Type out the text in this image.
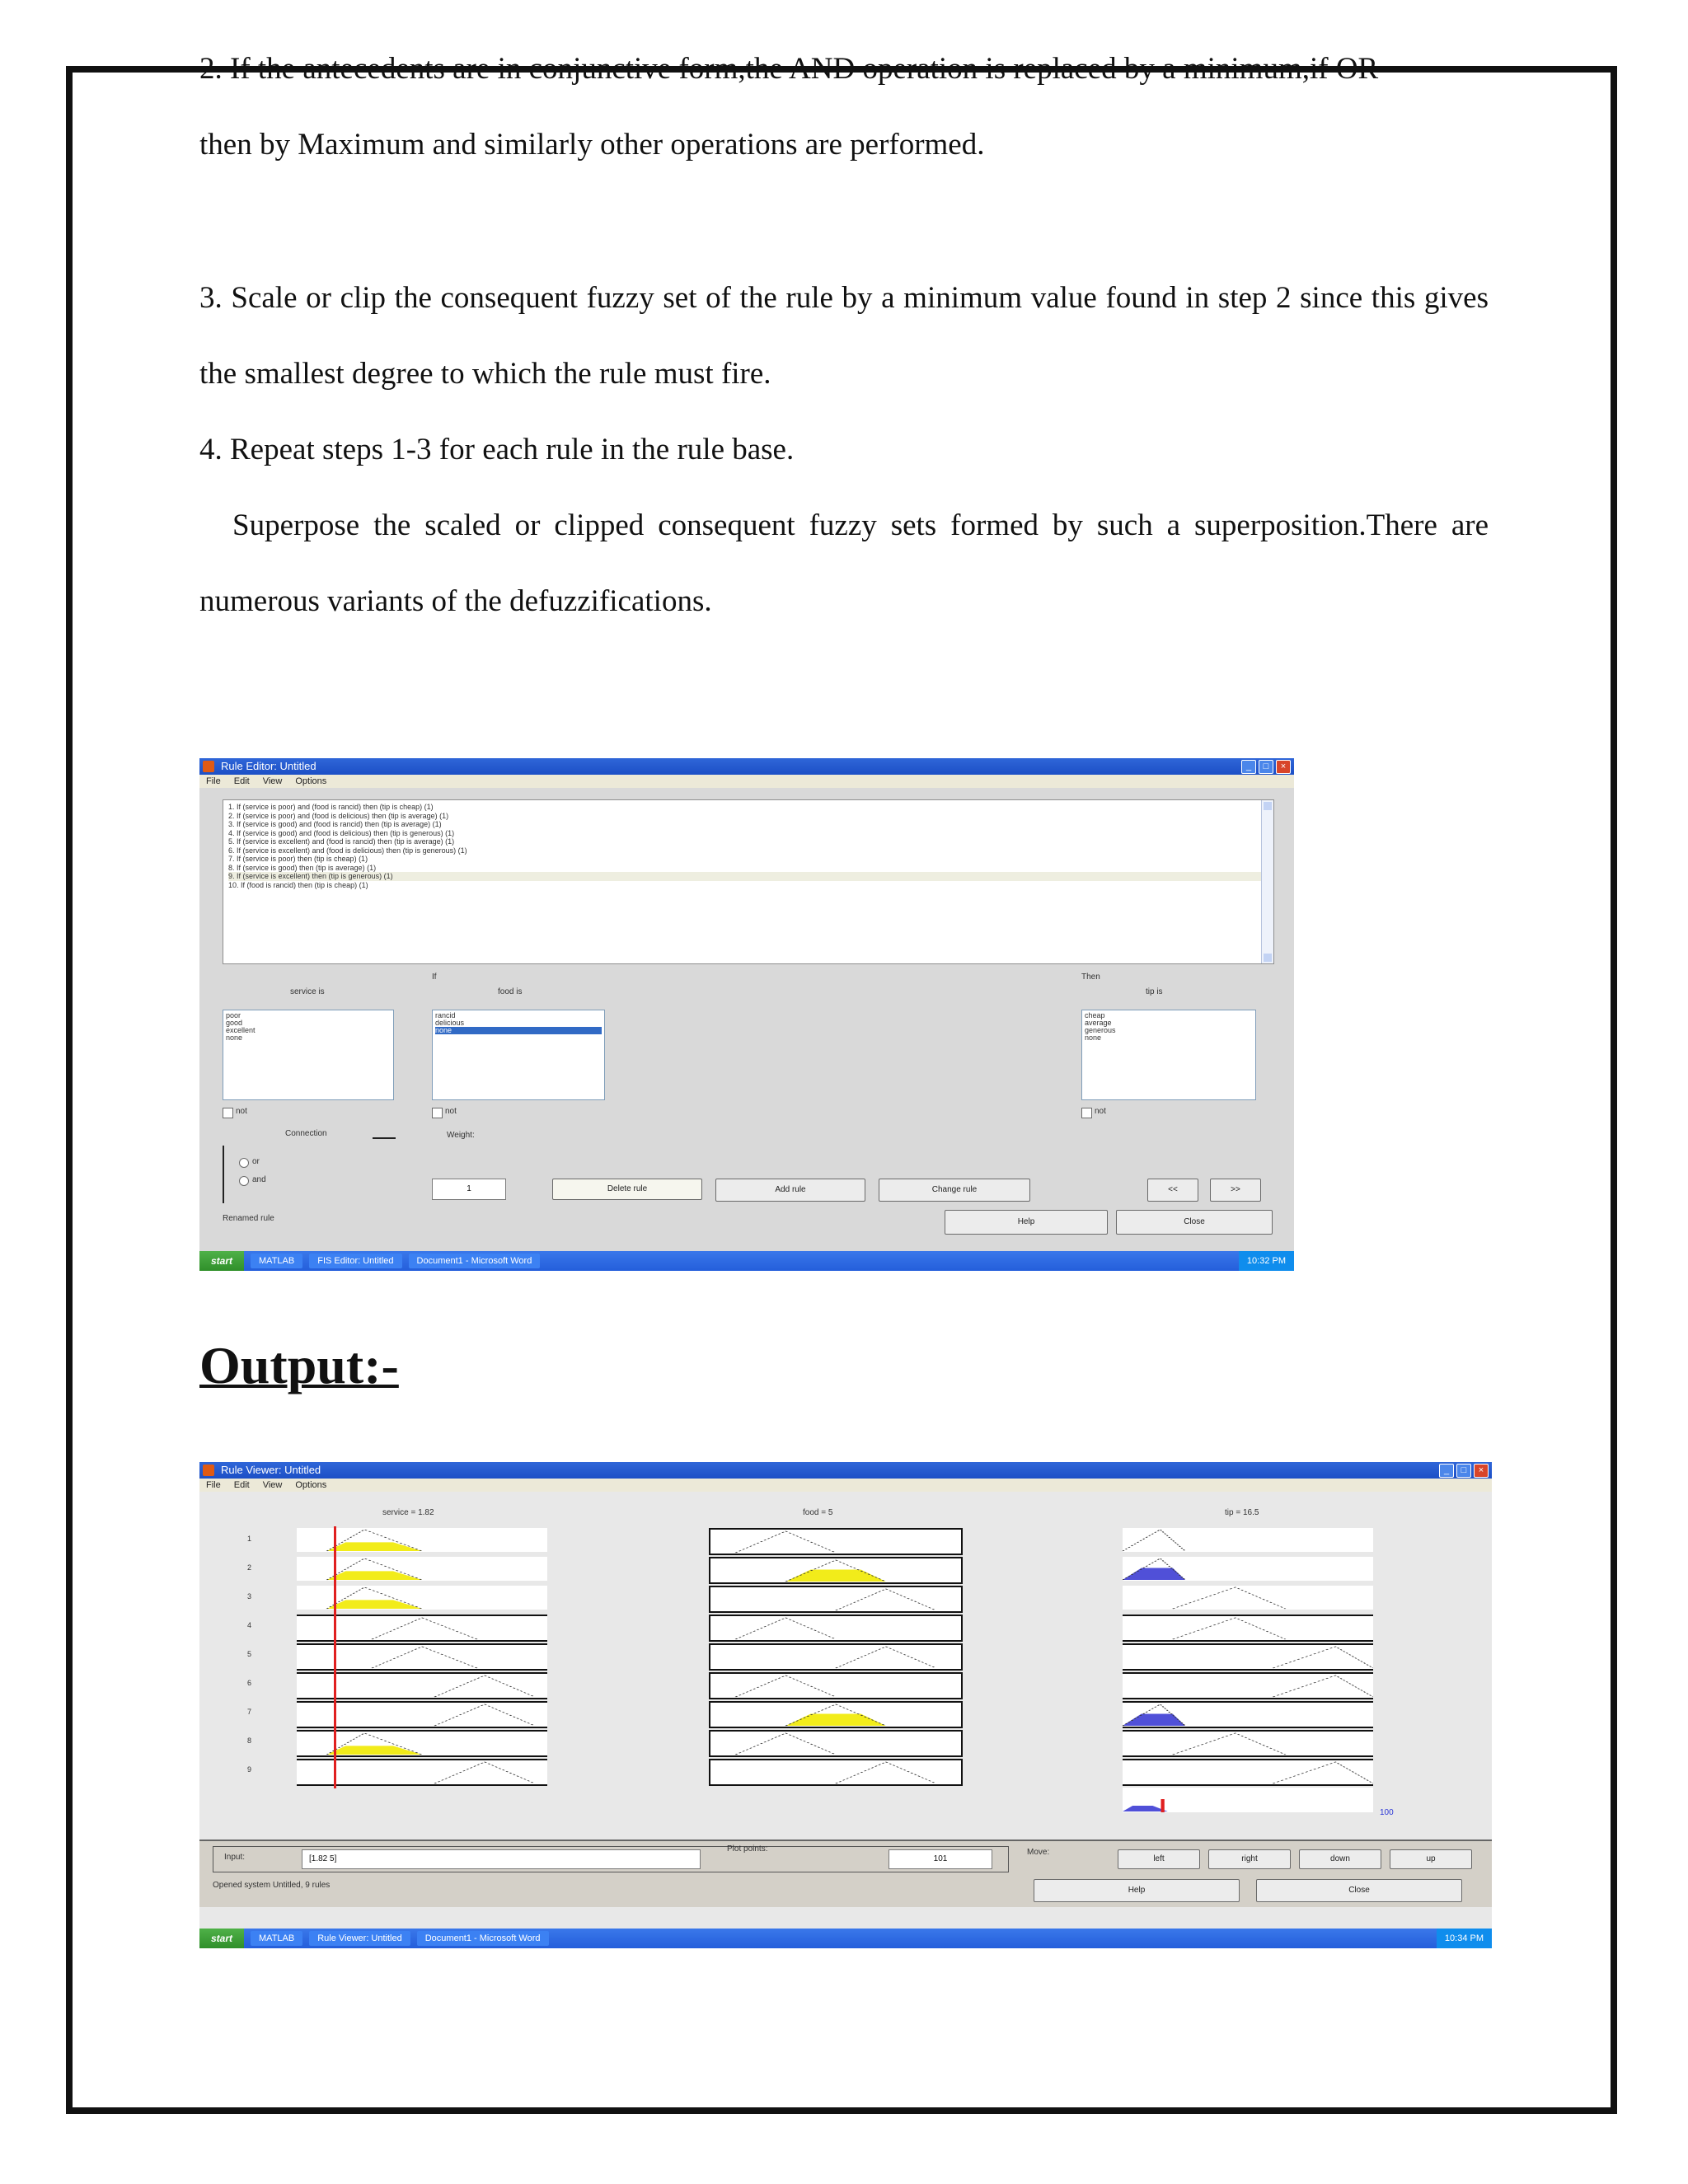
2. If the antecedents are in conjunctive form,the AND operation is replaced by a minimum,if OR

then by Maximum and similarly other operations are performed.

3. Scale or clip the consequent fuzzy set of the rule by a minimum value found in step 2 since this gives the smallest degree to which the rule must fire.

4. Repeat steps 1-3 for each rule in the rule base.

Superpose the scaled or clipped consequent fuzzy sets formed by such a superposition.There are numerous variants of the defuzzifications.

Rule Editor: Untitled	_	□	×
File Edit View Options
1. If (service is poor) and (food is rancid) then (tip is cheap) (1)
2. If (service is poor) and (food is delicious) then (tip is average) (1)
3. If (service is good) and (food is rancid) then (tip is average) (1)
4. If (service is good) and (food is delicious) then (tip is generous) (1)
5. If (service is excellent) and (food is rancid) then (tip is average) (1)
6. If (service is excellent) and (food is delicious) then (tip is generous) (1)
7. If (service is poor) then (tip is cheap) (1)
8. If (service is good) then (tip is average) (1)
9. If (service is excellent) then (tip is generous) (1)
10. If (food is rancid) then (tip is cheap) (1)
If	Then
service is	food is	tip is
poor
good
excellent
none
rancid
delicious
none
cheap
average
generous
none
not	not	not
Connection
or
and
Weight:
1	Delete rule	Add rule	Change rule	<<	>>
Renamed rule	Help	Close
start	MATLAB	FIS Editor: Untitled	Document1 - Microsoft Word	10:32 PM
Output:-
Rule Viewer: Untitled	_	□	×
File Edit View Options
service = 1.82	food = 5	tip = 16.5
100
Input:	[1.82 5]
Plot points:
101
Opened system Untitled, 9 rules
Move:
left	right	down	up
Help	Close
start	MATLAB	Rule Viewer: Untitled	Document1 - Microsoft Word	10:34 PM
1
2
3
4
5
6
7
8
9
